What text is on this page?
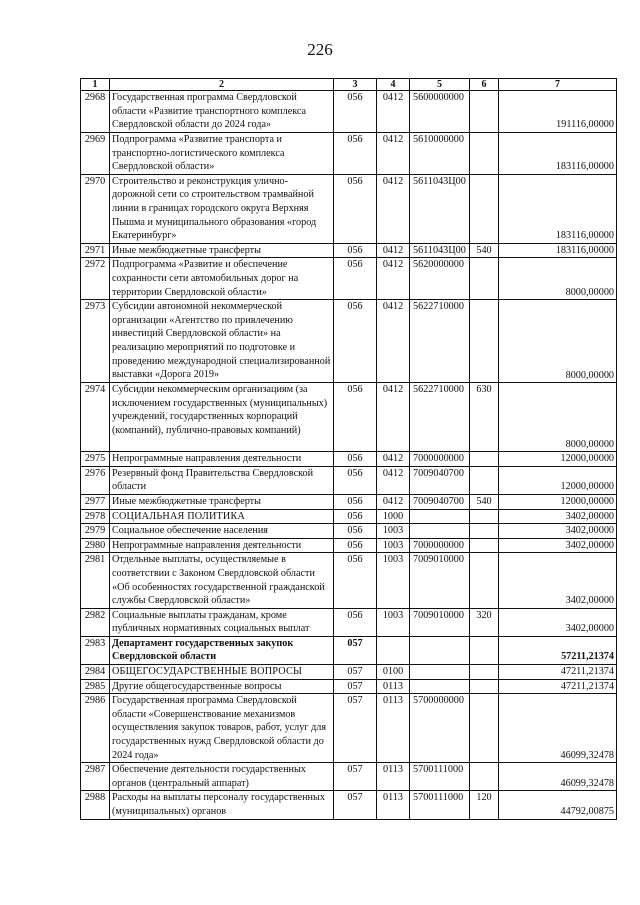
226
1	2	3	4	5	6	7
2968	Государственная программа Свердловской области «Развитие транспортного комплекса Свердловской области до 2024 года»	056	0412	5600000000		191116,00000
2969	Подпрограмма «Развитие транспорта и транспортно-логистического комплекса Свердловской области»	056	0412	5610000000		183116,00000
2970	Строительство и реконструкция улично-дорожной сети со строительством трамвайной линии в границах городского округа Верхняя Пышма и муниципального образования «город Екатеринбург»	056	0412	5611043Ц00		183116,00000
2971	Иные межбюджетные трансферты	056	0412	5611043Ц00	540	183116,00000
2972	Подпрограмма «Развитие и обеспечение сохранности сети автомобильных дорог на территории Свердловской области»	056	0412	5620000000		8000,00000
2973	Субсидии автономной некоммерческой организации «Агентство по привлечению инвестиций Свердловской области» на реализацию мероприятий по подготовке и проведению международной специализированной выставки «Дорога 2019»	056	0412	5622710000		8000,00000
2974	Субсидии некоммерческим организациям (за исключением государственных (муниципальных) учреждений, государственных корпораций (компаний), публично-правовых компаний)	056	0412	5622710000	630	8000,00000
2975	Непрограммные направления деятельности	056	0412	7000000000		12000,00000
2976	Резервный фонд Правительства Свердловской области	056	0412	7009040700		12000,00000
2977	Иные межбюджетные трансферты	056	0412	7009040700	540	12000,00000
2978	СОЦИАЛЬНАЯ ПОЛИТИКА	056	1000			3402,00000
2979	Социальное обеспечение населения	056	1003			3402,00000
2980	Непрограммные направления деятельности	056	1003	7000000000		3402,00000
2981	Отдельные выплаты, осуществляемые в соответствии с Законом Свердловской области «Об особенностях государственной гражданской службы Свердловской области»	056	1003	7009010000		3402,00000
2982	Социальные выплаты гражданам, кроме публичных нормативных социальных выплат	056	1003	7009010000	320	3402,00000
2983	Департамент государственных закупок Свердловской области	057				57211,21374
2984	ОБЩЕГОСУДАРСТВЕННЫЕ ВОПРОСЫ	057	0100			47211,21374
2985	Другие общегосударственные вопросы	057	0113			47211,21374
2986	Государственная программа Свердловской области «Совершенствование механизмов осуществления закупок товаров, работ, услуг для государственных нужд Свердловской области до 2024 года»	057	0113	5700000000		46099,32478
2987	Обеспечение деятельности государственных органов (центральный аппарат)	057	0113	5700111000		46099,32478
2988	Расходы на выплаты персоналу государственных (муниципальных) органов	057	0113	5700111000	120	44792,00875
